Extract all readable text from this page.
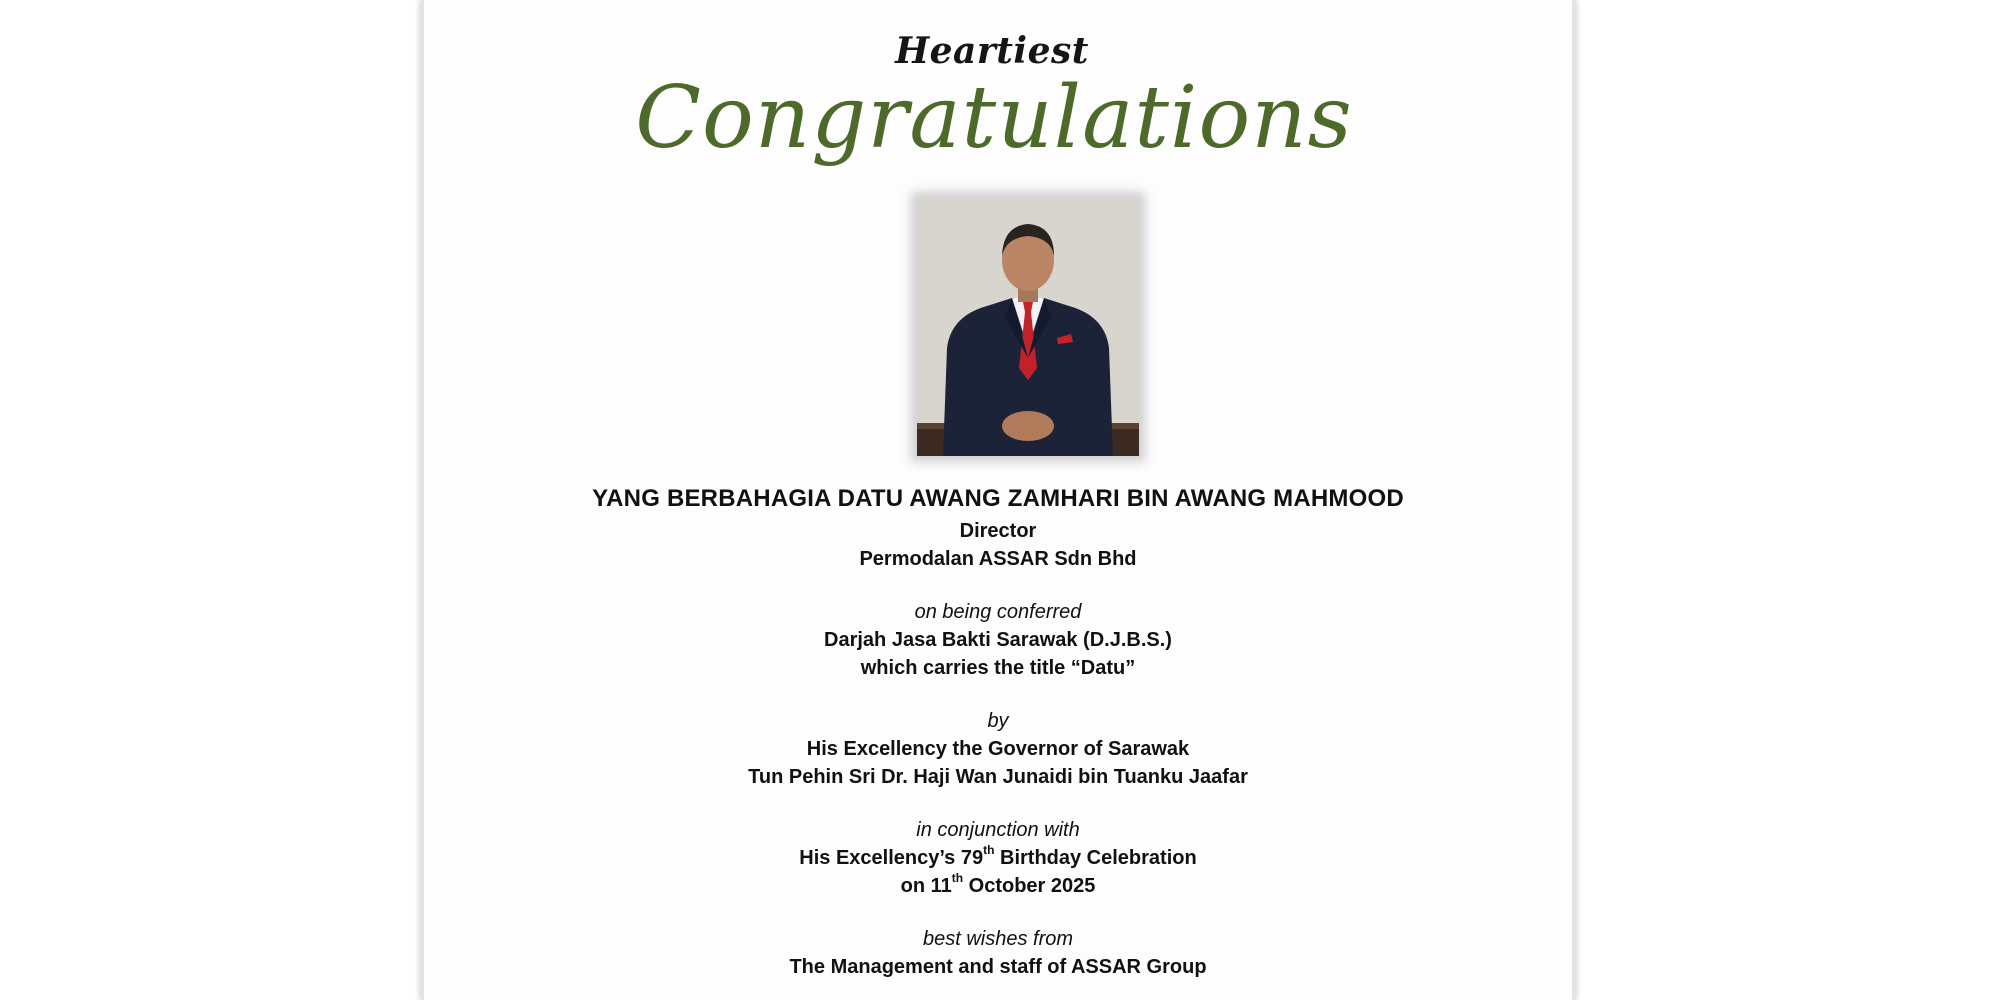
Heartiest
Congratulations
YANG BERBAHAGIA DATU AWANG ZAMHARI BIN AWANG MAHMOOD
Director
Permodalan ASSAR Sdn Bhd
on being conferred
Darjah Jasa Bakti Sarawak (D.J.B.S.)
which carries the title “Datu”
by
His Excellency the Governor of Sarawak
Tun Pehin Sri Dr. Haji Wan Junaidi bin Tuanku Jaafar
in conjunction with
His Excellency’s 79th Birthday Celebration
on 11th October 2025
best wishes from
The Management and staff of ASSAR Group
